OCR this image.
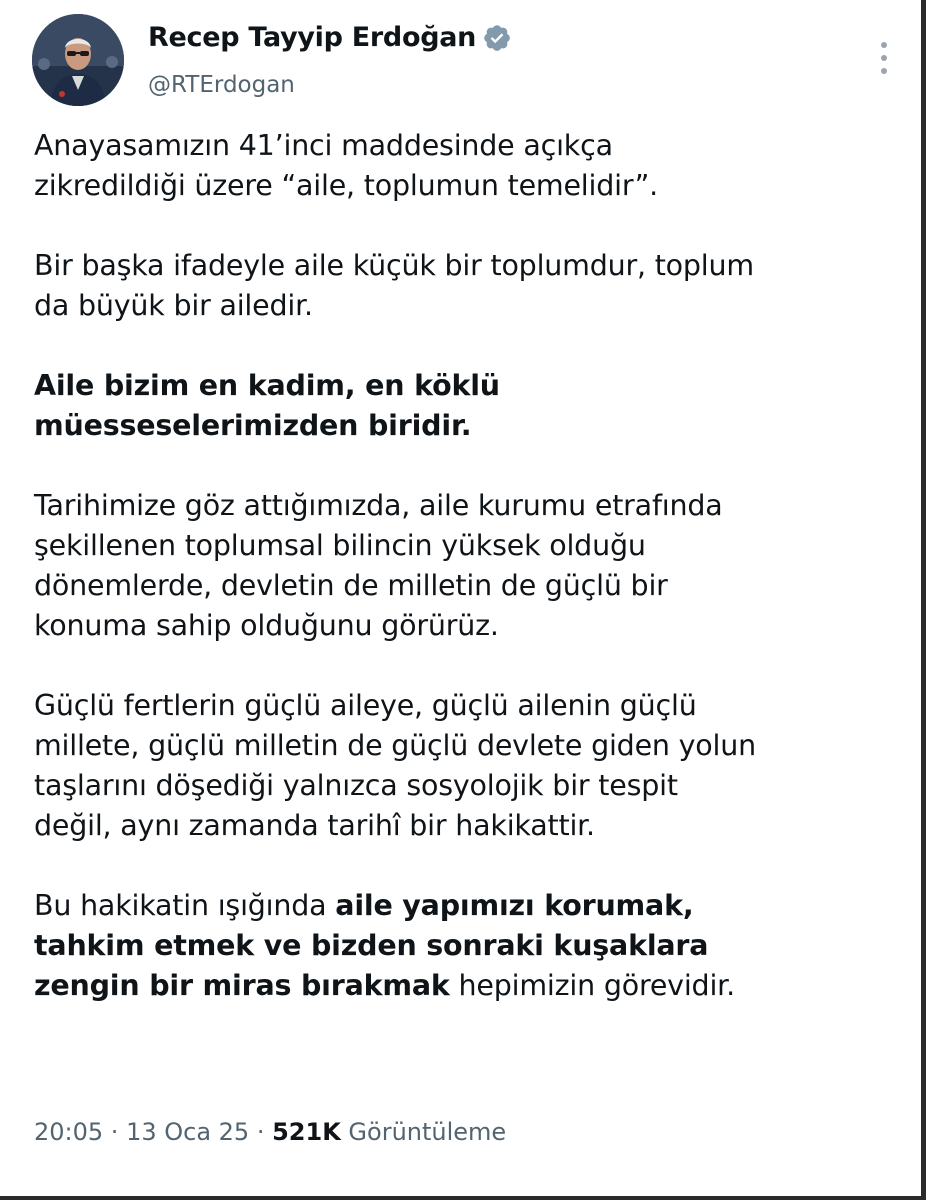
Recep Tayyip Erdoğan
@RTErdogan
Anayasamızın 41’inci maddesinde açıkça
zikredildiği üzere “aile, toplumun temelidir”.
Bir başka ifadeyle aile küçük bir toplumdur, toplum
da büyük bir ailedir.
Aile bizim en kadim, en köklü
müesseselerimizden biridir.
Tarihimize göz attığımızda, aile kurumu etrafında
şekillenen toplumsal bilincin yüksek olduğu
dönemlerde, devletin de milletin de güçlü bir
konuma sahip olduğunu görürüz.
Güçlü fertlerin güçlü aileye, güçlü ailenin güçlü
millete, güçlü milletin de güçlü devlete giden yolun
taşlarını döşediği yalnızca sosyolojik bir tespit
değil, aynı zamanda tarihî bir hakikattir.
Bu hakikatin ışığında aile yapımızı korumak,
tahkim etmek ve bizden sonraki kuşaklara
zengin bir miras bırakmak hepimizin görevidir.
20:05 · 13 Oca 25 · 521K Görüntüleme
